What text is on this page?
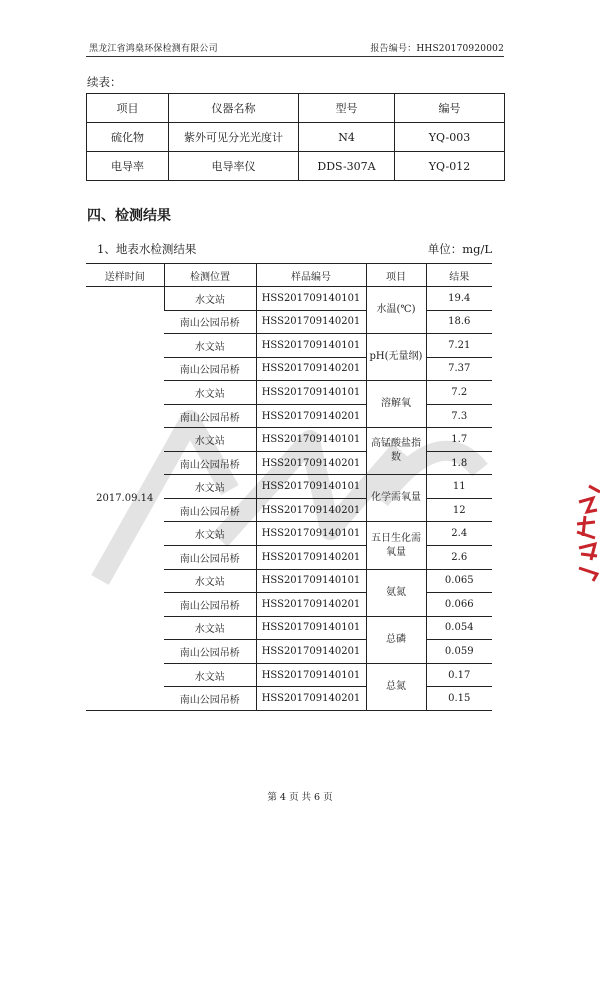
黑龙江省鸿燊环保检测有限公司	报告编号：HHS20170920002
续表：
项目	仪器名称	型号	编号
硫化物	紫外可见分光光度计	N4	YQ-003
电导率	电导率仪	DDS-307A	YQ-012
四、检测结果
1、地表水检测结果	单位：mg/L
送样时间	检测位置	样品编号	项目	结果
2017.09.14	水文站	HSS201709140101	水温(℃)	19.4
	南山公园吊桥	HSS201709140201		18.6
	水文站	HSS201709140101	pH(无量纲)	7.21
	南山公园吊桥	HSS201709140201		7.37
	水文站	HSS201709140101	溶解氧	7.2
	南山公园吊桥	HSS201709140201		7.3
	水文站	HSS201709140101	高锰酸盐指数	1.7
	南山公园吊桥	HSS201709140201		1.8
	水文站	HSS201709140101	化学需氧量	11
	南山公园吊桥	HSS201709140201		12
	水文站	HSS201709140101	五日生化需氧量	2.4
	南山公园吊桥	HSS201709140201		2.6
	水文站	HSS201709140101	氨氮	0.065
	南山公园吊桥	HSS201709140201		0.066
	水文站	HSS201709140101	总磷	0.054
	南山公园吊桥	HSS201709140201		0.059
	水文站	HSS201709140101	总氮	0.17
	南山公园吊桥	HSS201709140201		0.15
第 4 页 共 6 页
